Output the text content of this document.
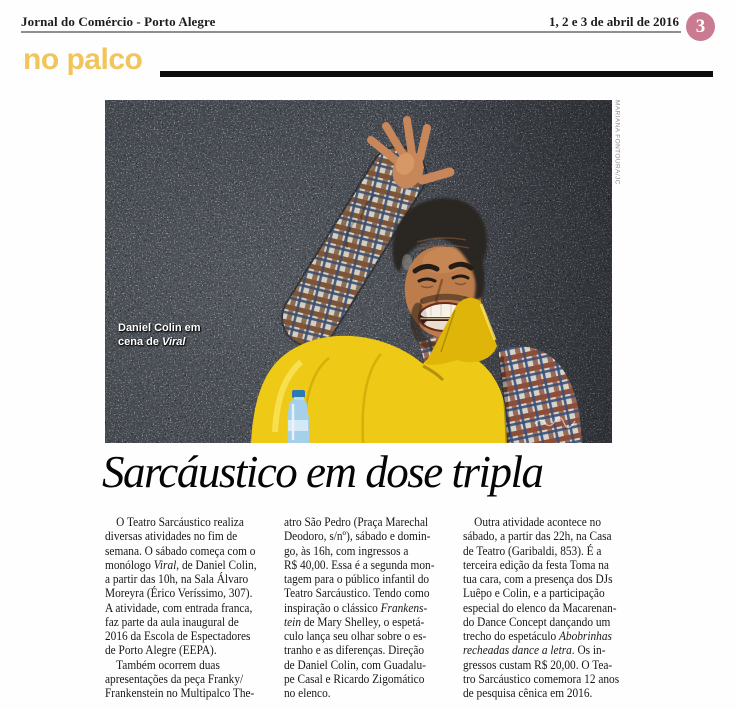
Jornal do Comércio - Porto Alegre	1, 2 e 3 de abril de 2016 3
no palco
Daniel Colin em
cena de Viral
MARIANA FONTOURA/JC
Sarcáustico em dose tripla
O Teatro Sarcáustico realiza
diversas atividades no fim de
semana. O sábado começa com o
monólogo Viral, de Daniel Colin,
a partir das 10h, na Sala Álvaro
Moreyra (Érico Veríssimo, 307).
A atividade, com entrada franca,
faz parte da aula inaugural de
2016 da Escola de Espectadores
de Porto Alegre (EEPA).
Também ocorrem duas
apresentações da peça Franky/
Frankenstein no Multipalco The-
atro São Pedro (Praça Marechal
Deodoro, s/nº), sábado e domin-
go, às 16h, com ingressos a
R$ 40,00. Essa é a segunda mon-
tagem para o público infantil do
Teatro Sarcáustico. Tendo como
inspiração o clássico Frankens-
tein de Mary Shelley, o espetá-
culo lança seu olhar sobre o es-
tranho e as diferenças. Direção
de Daniel Colin, com Guadalu-
pe Casal e Ricardo Zigomático
no elenco.
Outra atividade acontece no
sábado, a partir das 22h, na Casa
de Teatro (Garibaldi, 853). É a
terceira edição da festa Toma na
tua cara, com a presença dos DJs
Luêpo e Colin, e a participação
especial do elenco da Macarenan-
do Dance Concept dançando um
trecho do espetáculo Abobrinhas
recheadas dance a letra. Os in-
gressos custam R$ 20,00. O Tea-
tro Sarcáustico comemora 12 anos
de pesquisa cênica em 2016.
